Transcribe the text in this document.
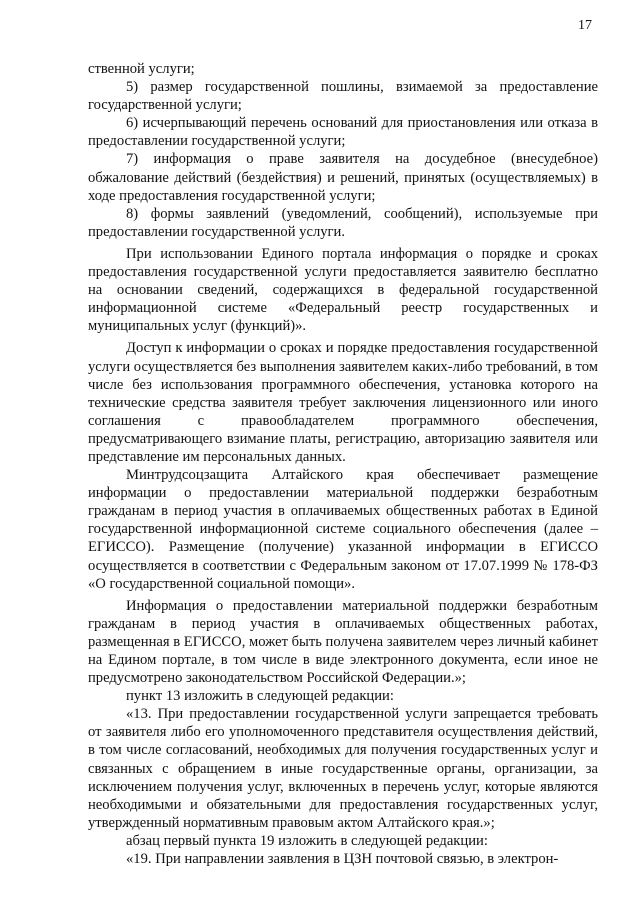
17

ственной услуги;

5) размер государственной пошлины, взимаемой за предоставление государственной услуги;

6) исчерпывающий перечень оснований для приостановления или отказа в предоставлении государственной услуги;

7) информация о праве заявителя на досудебное (внесудебное) обжалование действий (бездействия) и решений, принятых (осуществляемых) в ходе предоставления государственной услуги;

8) формы заявлений (уведомлений, сообщений), используемые при предоставлении государственной услуги.

При использовании Единого портала информация о порядке и сроках предоставления государственной услуги предоставляется заявителю бесплатно на основании сведений, содержащихся в федеральной государственной информационной системе «Федеральный реестр государственных и муниципальных услуг (функций)».

Доступ к информации о сроках и порядке предоставления государственной услуги осуществляется без выполнения заявителем каких-либо требований, в том числе без использования программного обеспечения, установка которого на технические средства заявителя требует заключения лицензионного или иного соглашения с правообладателем программного обеспечения, предусматривающего взимание платы, регистрацию, авторизацию заявителя или представление им персональных данных.

Минтрудсоцзащита Алтайского края обеспечивает размещение информации о предоставлении материальной поддержки безработным гражданам в период участия в оплачиваемых общественных работах в Единой государственной информационной системе социального обеспечения (далее – ЕГИССО). Размещение (получение) указанной информации в ЕГИССО осуществляется в соответствии с Федеральным законом от 17.07.1999 № 178-ФЗ «О государственной социальной помощи».

Информация о предоставлении материальной поддержки безработным гражданам в период участия в оплачиваемых общественных работах, размещенная в ЕГИССО, может быть получена заявителем через личный кабинет на Едином портале, в том числе в виде электронного документа, если иное не предусмотрено законодательством Российской Федерации.»;

пункт 13 изложить в следующей редакции:

«13. При предоставлении государственной услуги запрещается требовать от заявителя либо его уполномоченного представителя осуществления действий, в том числе согласований, необходимых для получения государственных услуг и связанных с обращением в иные государственные органы, организации, за исключением получения услуг, включенных в перечень услуг, которые являются необходимыми и обязательными для предоставления государственных услуг, утвержденный нормативным правовым актом Алтайского края.»;

абзац первый пункта 19 изложить в следующей редакции:

«19. При направлении заявления в ЦЗН почтовой связью, в электрон-
